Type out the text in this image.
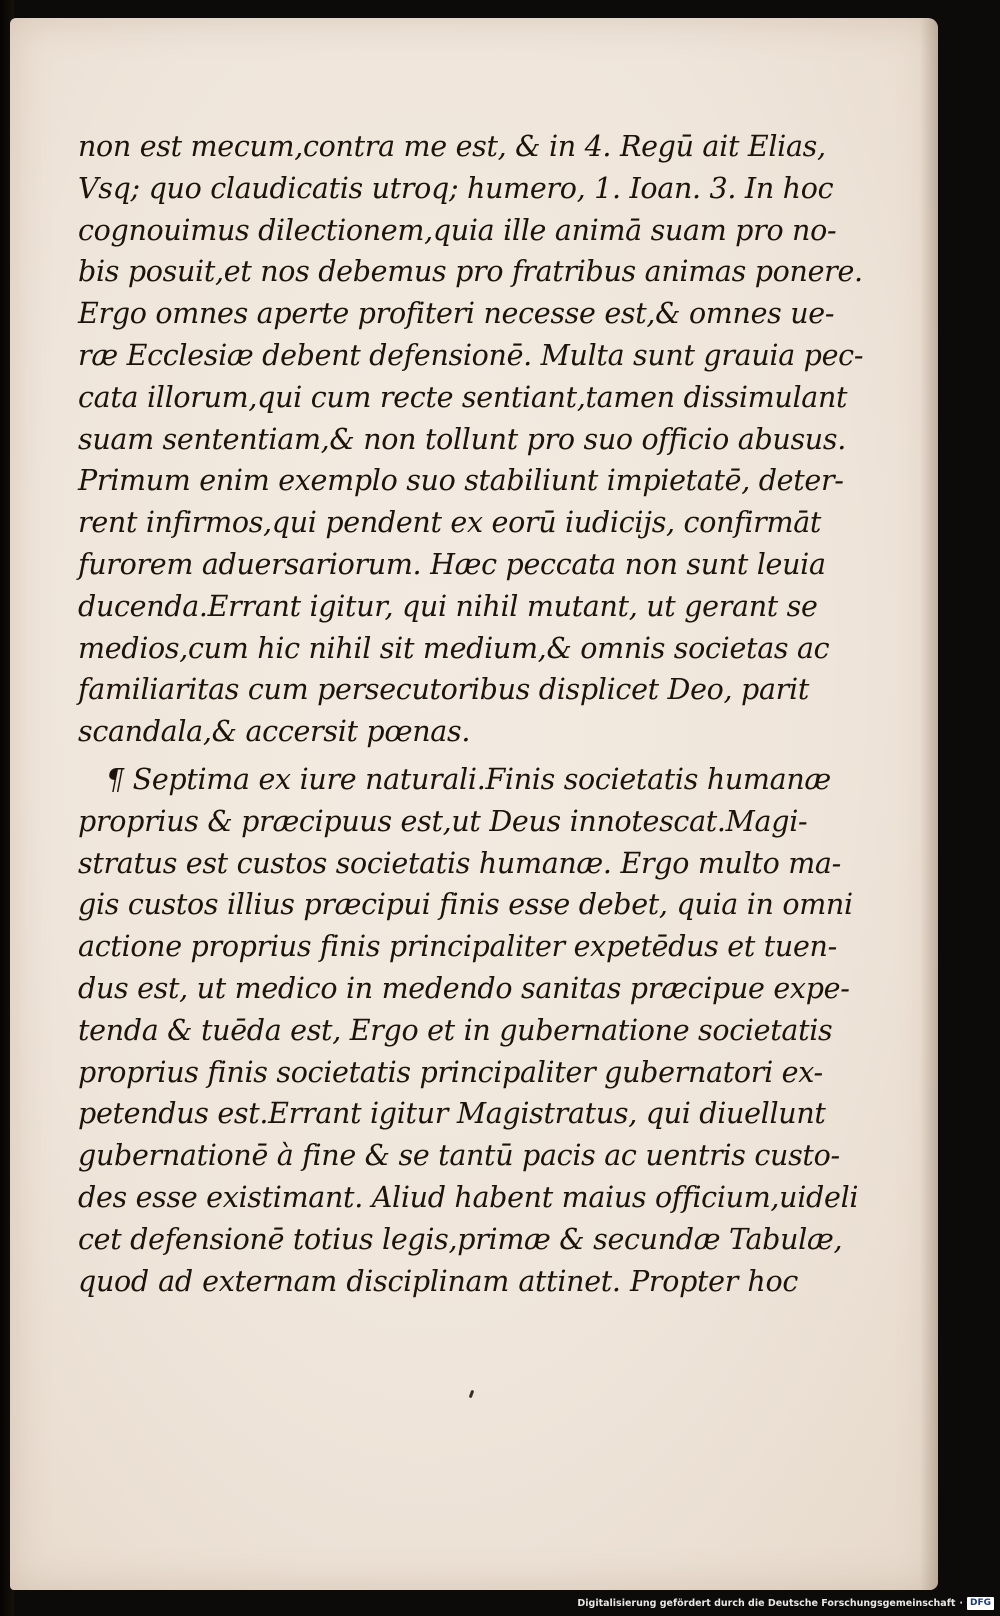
non est mecum,contra me est, & in 4. Regū ait Elias,
Vsq; quo claudicatis utroq; humero, 1. Ioan. 3. In hoc
cognouimus dilectionem,quia ille animā suam pro no-
bis posuit,et nos debemus pro fratribus animas ponere.
Ergo omnes aperte profiteri necesse est,& omnes ue-
ræ Ecclesiæ debent defensionē. Multa sunt grauia pec-
cata illorum,qui cum recte sentiant,tamen dissimulant
suam sententiam,& non tollunt pro suo officio abusus.
Primum enim exemplo suo stabiliunt impietatē, deter-
rent infirmos,qui pendent ex eorū iudicijs, confirmāt
furorem aduersariorum. Hæc peccata non sunt leuia
ducenda.Errant igitur, qui nihil mutant, ut gerant se
medios,cum hic nihil sit medium,& omnis societas ac
familiaritas cum persecutoribus displicet Deo, parit
scandala,& accersit pœnas.
¶ Septima ex iure naturali.Finis societatis humanæ
proprius & præcipuus est,ut Deus innotescat.Magi-
stratus est custos societatis humanæ. Ergo multo ma-
gis custos illius præcipui finis esse debet, quia in omni
actione proprius finis principaliter expetēdus et tuen-
dus est, ut medico in medendo sanitas præcipue expe-
tenda & tuēda est, Ergo et in gubernatione societatis
proprius finis societatis principaliter gubernatori ex-
petendus est.Errant igitur Magistratus, qui diuellunt
gubernationē à fine & se tantū pacis ac uentris custo-
des esse existimant. Aliud habent maius officium,uideli
cet defensionē totius legis,primæ & secundæ Tabulæ,
quod ad externam disciplinam attinet. Propter hoc
Digitalisierung gefördert durch die Deutsche Forschungsgemeinschaft · DFG
